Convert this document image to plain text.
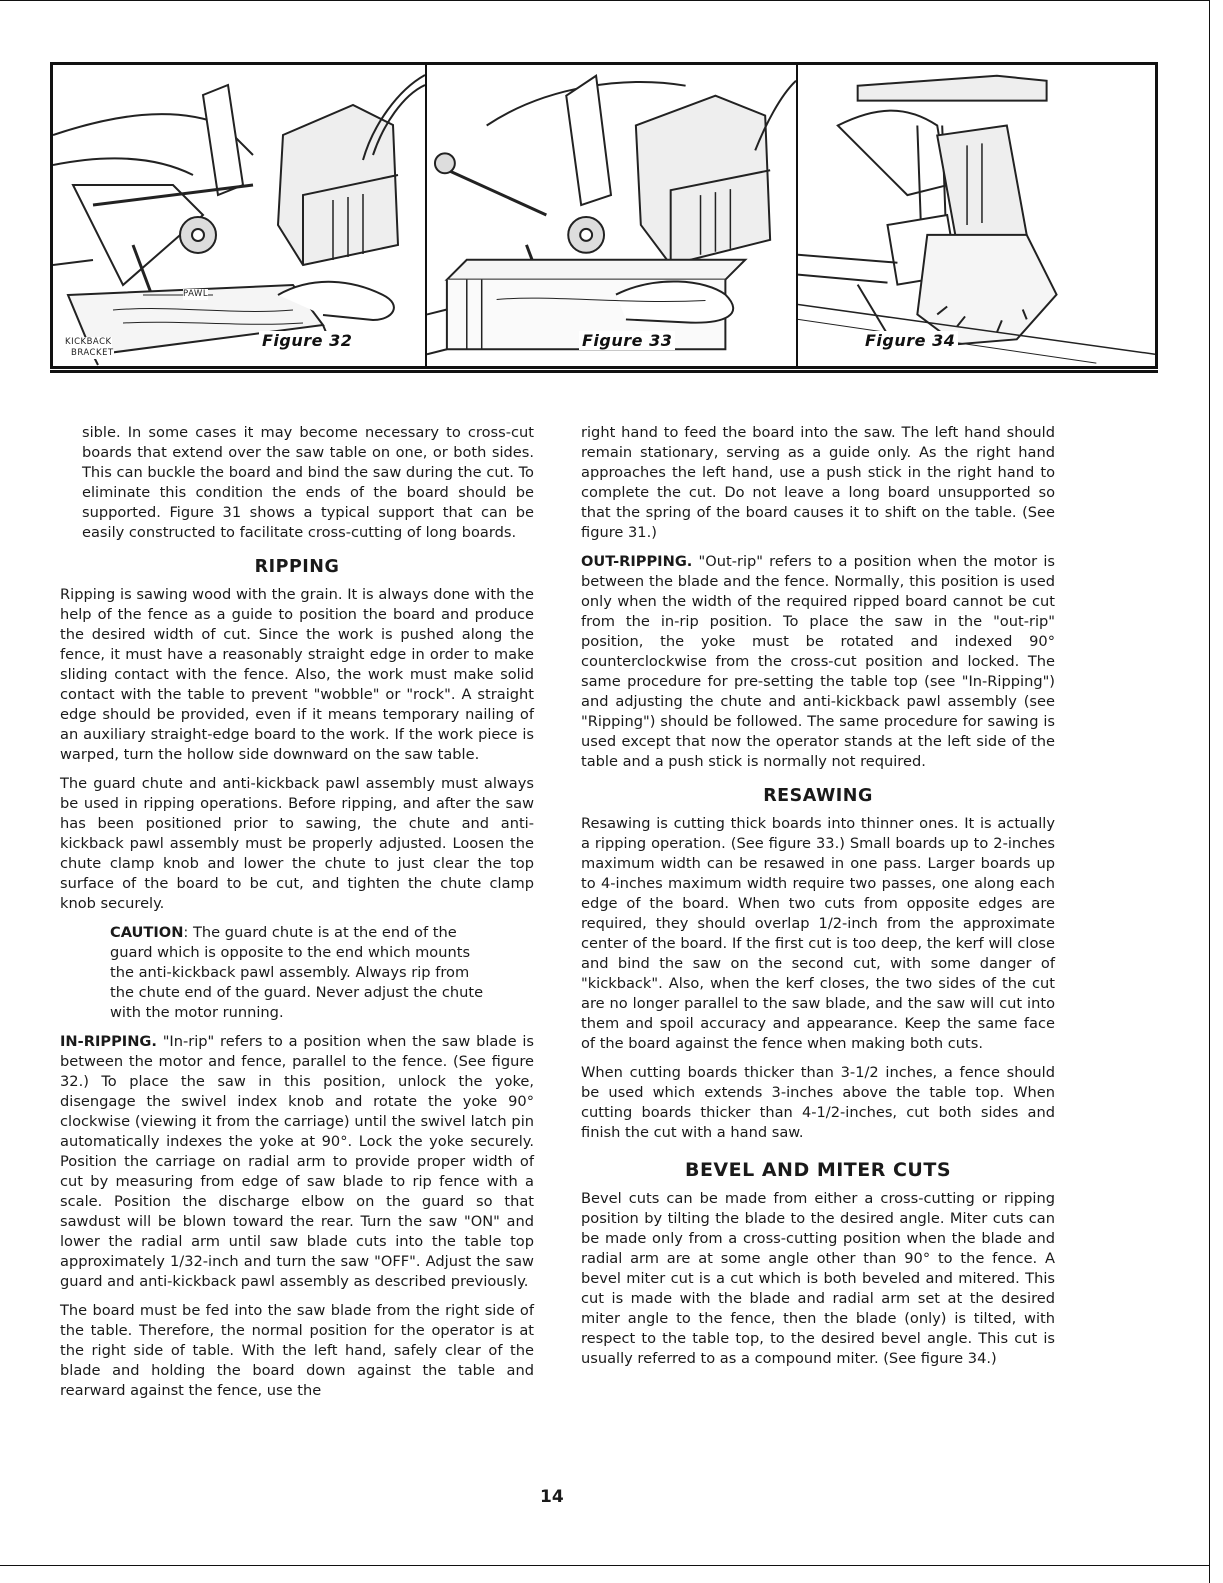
PAWL
KICKBACK
BRACKET
Figure 32	Figure 33	Figure 34

sible. In some cases it may become necessary to cross-cut boards that extend over the saw table on one, or both sides. This can buckle the board and bind the saw during the cut. To eliminate this condition the ends of the board should be supported. Figure 31 shows a typical support that can be easily constructed to facilitate cross-cutting of long boards.

RIPPING

Ripping is sawing wood with the grain. It is always done with the help of the fence as a guide to position the board and produce the desired width of cut. Since the work is pushed along the fence, it must have a reasonably straight edge in order to make sliding contact with the fence. Also, the work must make solid contact with the table to prevent "wobble" or "rock". A straight edge should be provided, even if it means temporary nailing of an auxiliary straight-edge board to the work. If the work piece is warped, turn the hollow side downward on the saw table.

The guard chute and anti-kickback pawl assembly must always be used in ripping operations. Before ripping, and after the saw has been positioned prior to sawing, the chute and anti-kickback pawl assembly must be properly adjusted. Loosen the chute clamp knob and lower the chute to just clear the top surface of the board to be cut, and tighten the chute clamp knob securely.

CAUTION: The guard chute is at the end of the guard which is opposite to the end which mounts the anti-kickback pawl assembly. Always rip from the chute end of the guard. Never adjust the chute with the motor running.

IN-RIPPING. "In-rip" refers to a position when the saw blade is between the motor and fence, parallel to the fence. (See figure 32.) To place the saw in this position, unlock the yoke, disengage the swivel index knob and rotate the yoke 90° clockwise (viewing it from the carriage) until the swivel latch pin automatically indexes the yoke at 90°. Lock the yoke securely. Position the carriage on radial arm to provide proper width of cut by measuring from edge of saw blade to rip fence with a scale. Position the discharge elbow on the guard so that sawdust will be blown toward the rear. Turn the saw "ON" and lower the radial arm until saw blade cuts into the table top approximately 1/32-inch and turn the saw "OFF". Adjust the saw guard and anti-kickback pawl assembly as described previously.

The board must be fed into the saw blade from the right side of the table. Therefore, the normal position for the operator is at the right side of table. With the left hand, safely clear of the blade and holding the board down against the table and rearward against the fence, use the

right hand to feed the board into the saw. The left hand should remain stationary, serving as a guide only. As the right hand approaches the left hand, use a push stick in the right hand to complete the cut. Do not leave a long board unsupported so that the spring of the board causes it to shift on the table. (See figure 31.)

OUT-RIPPING. "Out-rip" refers to a position when the motor is between the blade and the fence. Normally, this position is used only when the width of the required ripped board cannot be cut from the in-rip position. To place the saw in the "out-rip" position, the yoke must be rotated and indexed 90° counterclockwise from the cross-cut position and locked. The same procedure for pre-setting the table top (see "In-Ripping") and adjusting the chute and anti-kickback pawl assembly (see "Ripping") should be followed. The same procedure for sawing is used except that now the operator stands at the left side of the table and a push stick is normally not required.

RESAWING

Resawing is cutting thick boards into thinner ones. It is actually a ripping operation. (See figure 33.) Small boards up to 2-inches maximum width can be resawed in one pass. Larger boards up to 4-inches maximum width require two passes, one along each edge of the board. When two cuts from opposite edges are required, they should overlap 1/2-inch from the approximate center of the board. If the first cut is too deep, the kerf will close and bind the saw on the second cut, with some danger of "kickback". Also, when the kerf closes, the two sides of the cut are no longer parallel to the saw blade, and the saw will cut into them and spoil accuracy and appearance. Keep the same face of the board against the fence when making both cuts.

When cutting boards thicker than 3-1/2 inches, a fence should be used which extends 3-inches above the table top. When cutting boards thicker than 4-1/2-inches, cut both sides and finish the cut with a hand saw.

BEVEL AND MITER CUTS

Bevel cuts can be made from either a cross-cutting or ripping position by tilting the blade to the desired angle. Miter cuts can be made only from a cross-cutting position when the blade and radial arm are at some angle other than 90° to the fence. A bevel miter cut is a cut which is both beveled and mitered. This cut is made with the blade and radial arm set at the desired miter angle to the fence, then the blade (only) is tilted, with respect to the table top, to the desired bevel angle. This cut is usually referred to as a compound miter. (See figure 34.)

14
